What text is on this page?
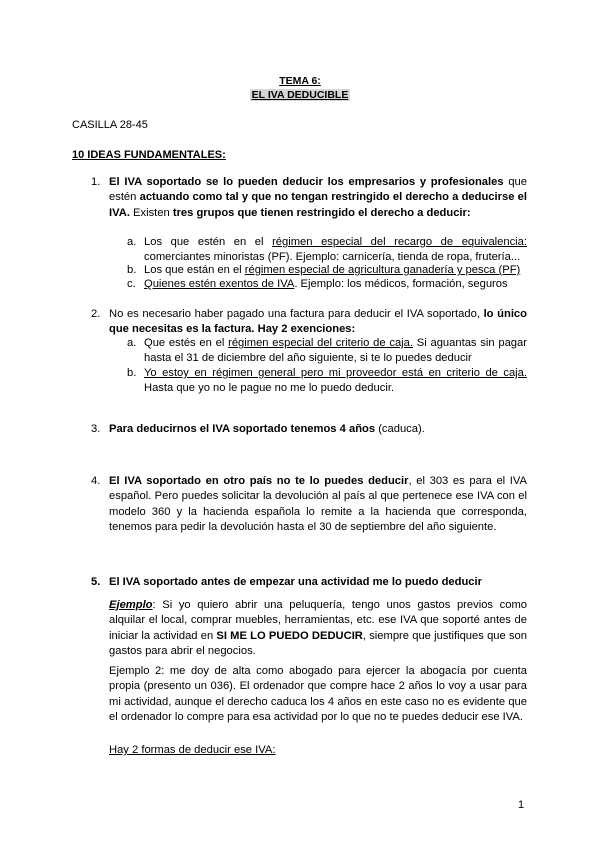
TEMA 6:
EL IVA DEDUCIBLE
CASILLA 28-45
10 IDEAS FUNDAMENTALES:
1. El IVA soportado se lo pueden deducir los empresarios y profesionales que estén actuando como tal y que no tengan restringido el derecho a deducirse el IVA. Existen tres grupos que tienen restringido el derecho a deducir:
a. Los que estén en el régimen especial del recargo de equivalencia: comerciantes minoristas (PF). Ejemplo: carnicería, tienda de ropa, frutería...
b. Los que están en el régimen especial de agricultura ganadería y pesca (PF)
c. Quienes estén exentos de IVA. Ejemplo: los médicos, formación, seguros
2. No es necesario haber pagado una factura para deducir el IVA soportado, lo único que necesitas es la factura. Hay 2 exenciones:
a. Que estés en el régimen especial del criterio de caja. Si aguantas sin pagar hasta el 31 de diciembre del año siguiente, si te lo puedes deducir
b. Yo estoy en régimen general pero mi proveedor está en criterio de caja. Hasta que yo no le pague no me lo puedo deducir.
3. Para deducirnos el IVA soportado tenemos 4 años (caduca).
4. El IVA soportado en otro país no te lo puedes deducir, el 303 es para el IVA español. Pero puedes solicitar la devolución al país al que pertenece ese IVA con el modelo 360 y la hacienda española lo remite a la hacienda que corresponda, tenemos para pedir la devolución hasta el 30 de septiembre del año siguiente.
5. El IVA soportado antes de empezar una actividad me lo puedo deducir
Ejemplo: Si yo quiero abrir una peluquería, tengo unos gastos previos como alquilar el local, comprar muebles, herramientas, etc. ese IVA que soporté antes de iniciar la actividad en SI ME LO PUEDO DEDUCIR, siempre que justifiques que son gastos para abrir el negocios.
Ejemplo 2: me doy de alta como abogado para ejercer la abogacía por cuenta propia (presento un 036). El ordenador que compre hace 2 años lo voy a usar para mi actividad, aunque el derecho caduca los 4 años en este caso no es evidente que el ordenador lo compre para esa actividad por lo que no te puedes deducir ese IVA.
Hay 2 formas de deducir ese IVA:
1
